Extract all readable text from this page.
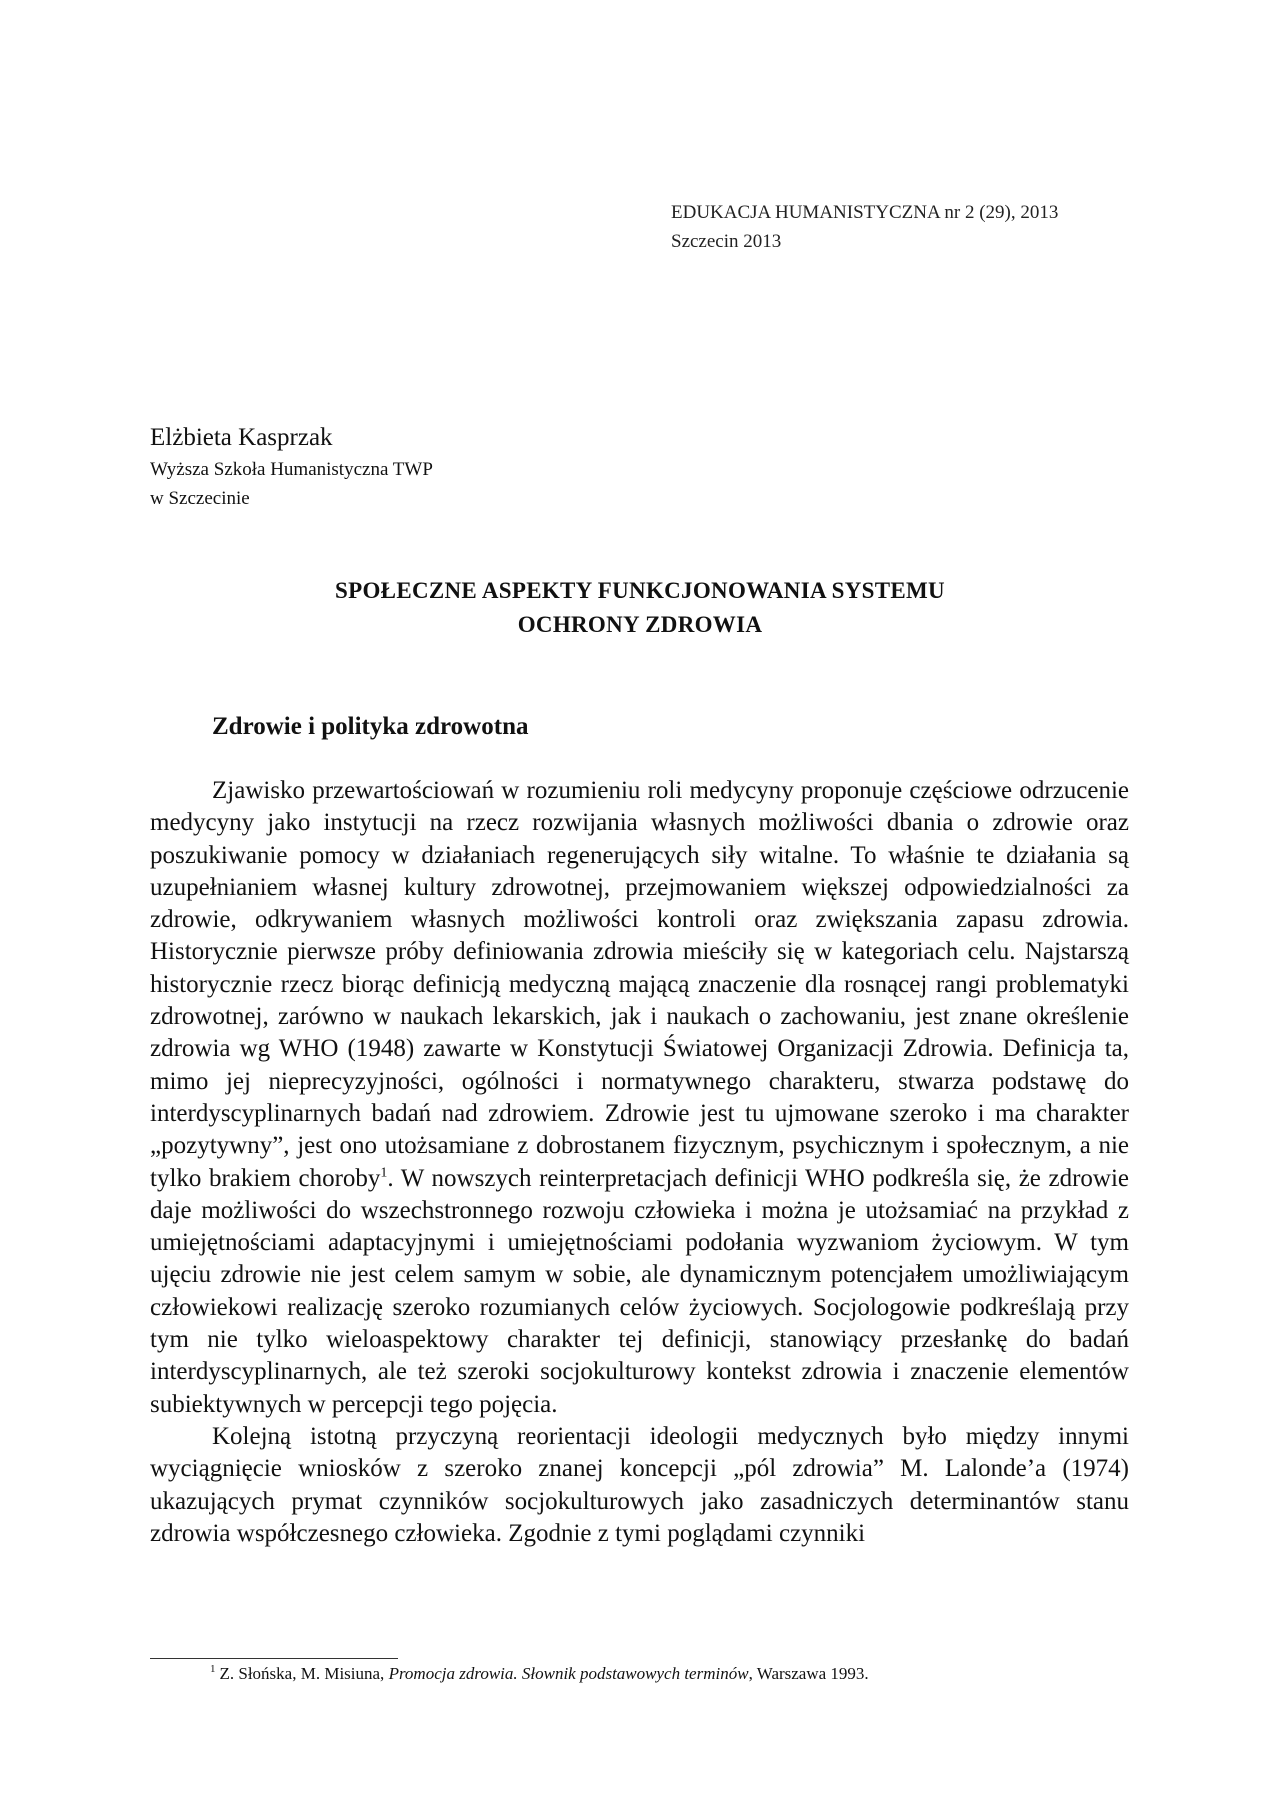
EDUKACJA HUMANISTYCZNA nr 2 (29), 2013
Szczecin 2013
Elżbieta Kasprzak
Wyższa Szkoła Humanistyczna TWP
w Szczecinie
SPOŁECZNE ASPEKTY FUNKCJONOWANIA SYSTEMU
OCHRONY ZDROWIA
Zdrowie i polityka zdrowotna

Zjawisko przewartościowań w rozumieniu roli medycyny proponuje częściowe odrzucenie medycyny jako instytucji na rzecz rozwijania własnych możliwości dbania o zdrowie oraz poszukiwanie pomocy w działaniach regenerujących siły witalne. To właśnie te działania są uzupełnianiem własnej kultury zdrowotnej, przejmowaniem większej odpowiedzialności za zdrowie, odkrywaniem własnych możliwości kontroli oraz zwiększania zapasu zdrowia. Historycznie pierwsze próby definiowania zdrowia mieściły się w kategoriach celu. Najstarszą historycznie rzecz biorąc definicją medyczną mającą znaczenie dla rosnącej rangi problematyki zdrowotnej, zarówno w naukach lekarskich, jak i naukach o zachowaniu, jest znane określenie zdrowia wg WHO (1948) zawarte w Konstytucji Światowej Organizacji Zdrowia. Definicja ta, mimo jej nieprecyzyjności, ogólności i normatywnego charakteru, stwarza podstawę do interdyscyplinarnych badań nad zdrowiem. Zdrowie jest tu ujmowane szeroko i ma charakter „pozytywny”, jest ono utożsamiane z dobrostanem fizycznym, psychicznym i społecznym, a nie tylko brakiem choroby$^1$. W nowszych reinterpretacjach definicji WHO podkreśla się, że zdrowie daje możliwości do wszechstronnego rozwoju człowieka i można je utożsamiać na przykład z umiejętnościami adaptacyjnymi i umiejętnościami podołania wyzwaniom życiowym. W tym ujęciu zdrowie nie jest celem samym w sobie, ale dynamicznym potencjałem umożliwiającym człowiekowi realizację szeroko rozumianych celów życiowych. Socjologowie podkreślają przy tym nie tylko wieloaspektowy charakter tej definicji, stanowiący przesłankę do badań interdyscyplinarnych, ale też szeroki socjokulturowy kontekst zdrowia i znaczenie elementów subiektywnych w percepcji tego pojęcia.

Kolejną istotną przyczyną reorientacji ideologii medycznych było między innymi wyciągnięcie wniosków z szeroko znanej koncepcji „pól zdrowia” M. Lalonde’a (1974) ukazujących prymat czynników socjokulturowych jako zasadniczych determinantów stanu zdrowia współczesnego człowieka. Zgodnie z tymi poglądami czynniki

$^1$ Z. Słońska, M. Misiuna, Promocja zdrowia. Słownik podstawowych terminów, Warszawa 1993.
